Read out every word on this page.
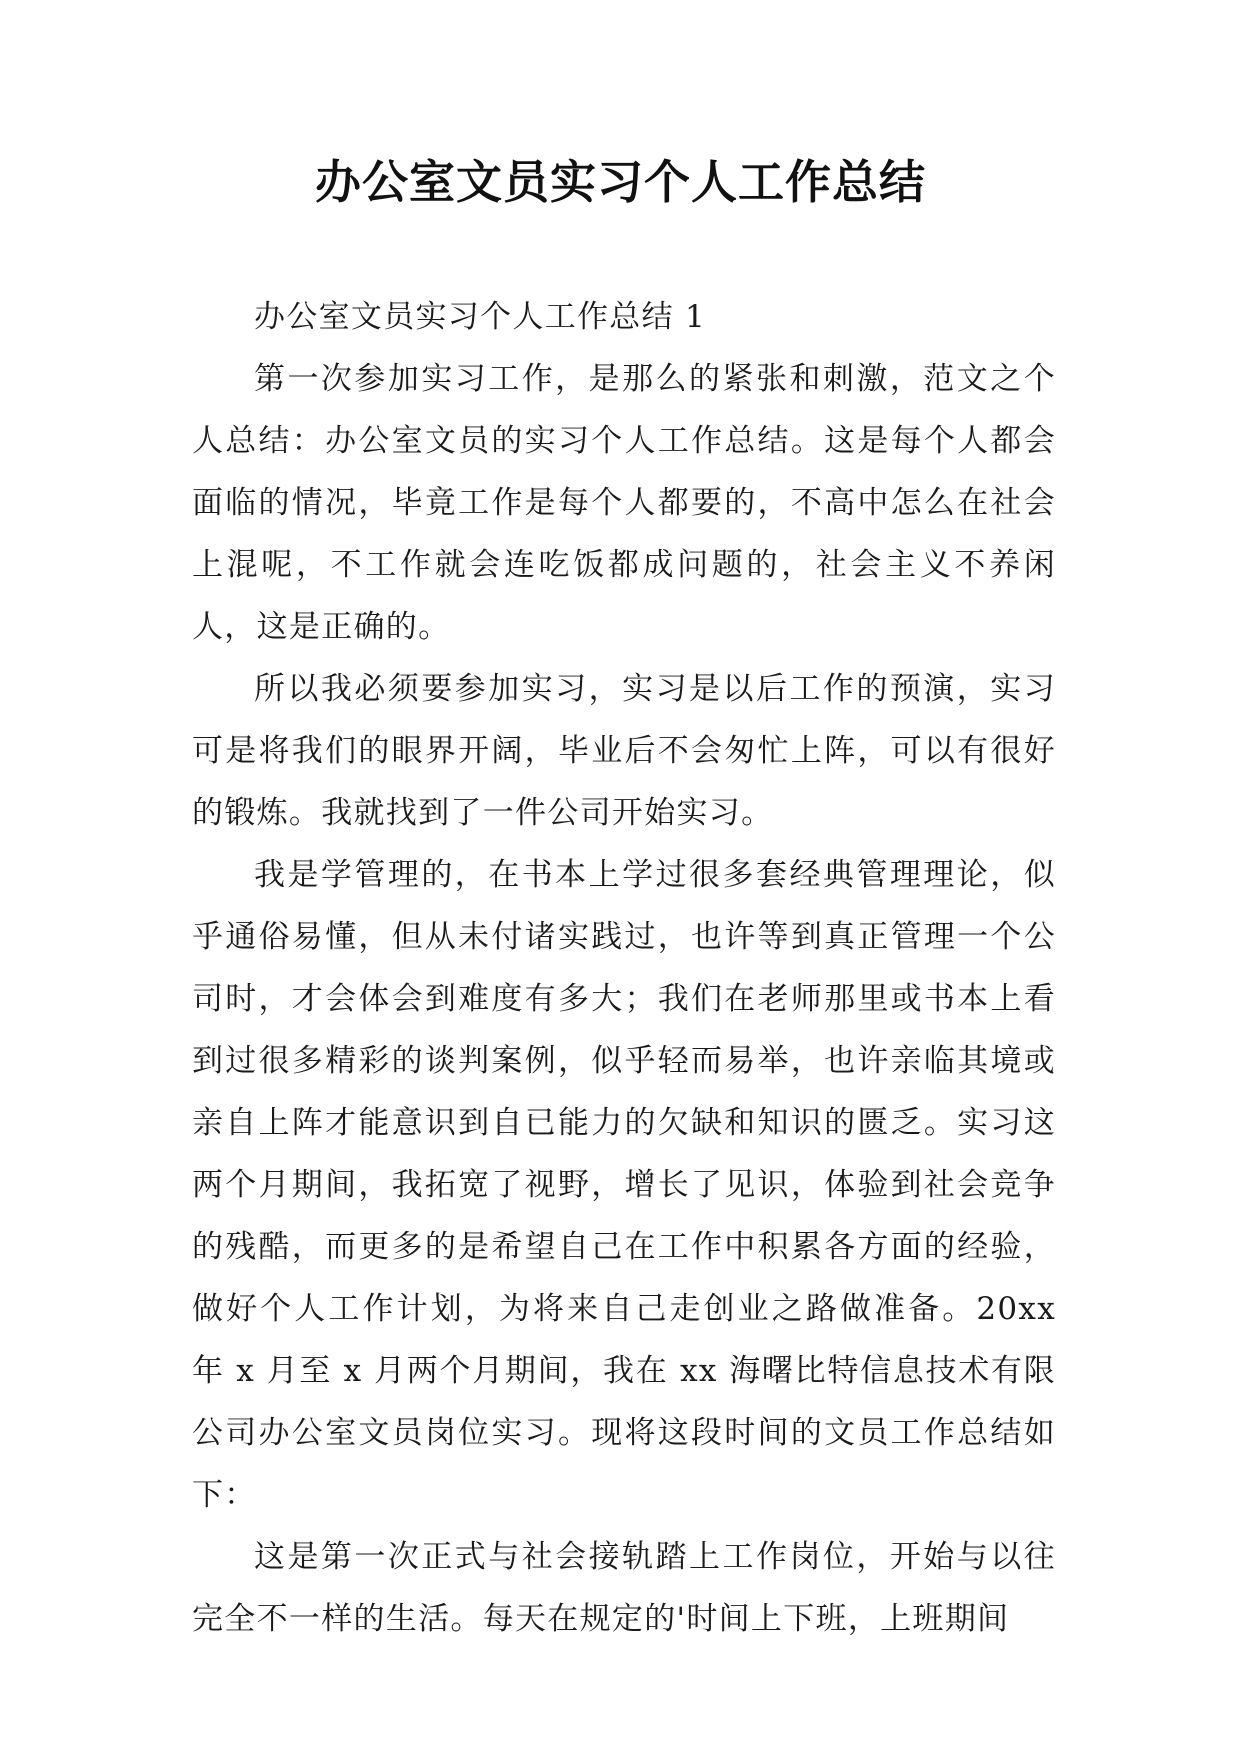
办公室文员实习个人工作总结

办公室文员实习个人工作总结 1

第一次参加实习工作，是那么的紧张和刺激，范文之个人总结：办公室文员的实习个人工作总结。这是每个人都会面临的情况，毕竟工作是每个人都要的，不高中怎么在社会上混呢，不工作就会连吃饭都成问题的，社会主义不养闲人，这是正确的。

所以我必须要参加实习，实习是以后工作的预演，实习可是将我们的眼界开阔，毕业后不会匆忙上阵，可以有很好的锻炼。我就找到了一件公司开始实习。

我是学管理的，在书本上学过很多套经典管理理论，似乎通俗易懂，但从未付诸实践过，也许等到真正管理一个公司时，才会体会到难度有多大；我们在老师那里或书本上看到过很多精彩的谈判案例，似乎轻而易举，也许亲临其境或亲自上阵才能意识到自已能力的欠缺和知识的匮乏。实习这两个月期间，我拓宽了视野，增长了见识，体验到社会竞争的残酷，而更多的是希望自己在工作中积累各方面的经验，做好个人工作计划，为将来自己走创业之路做准备。20xx 年 x 月至 x 月两个月期间，我在 xx 海曙比特信息技术有限公司办公室文员岗位实习。现将这段时间的文员工作总结如下：

这是第一次正式与社会接轨踏上工作岗位，开始与以往完全不一样的生活。每天在规定的'时间上下班，上班期间
